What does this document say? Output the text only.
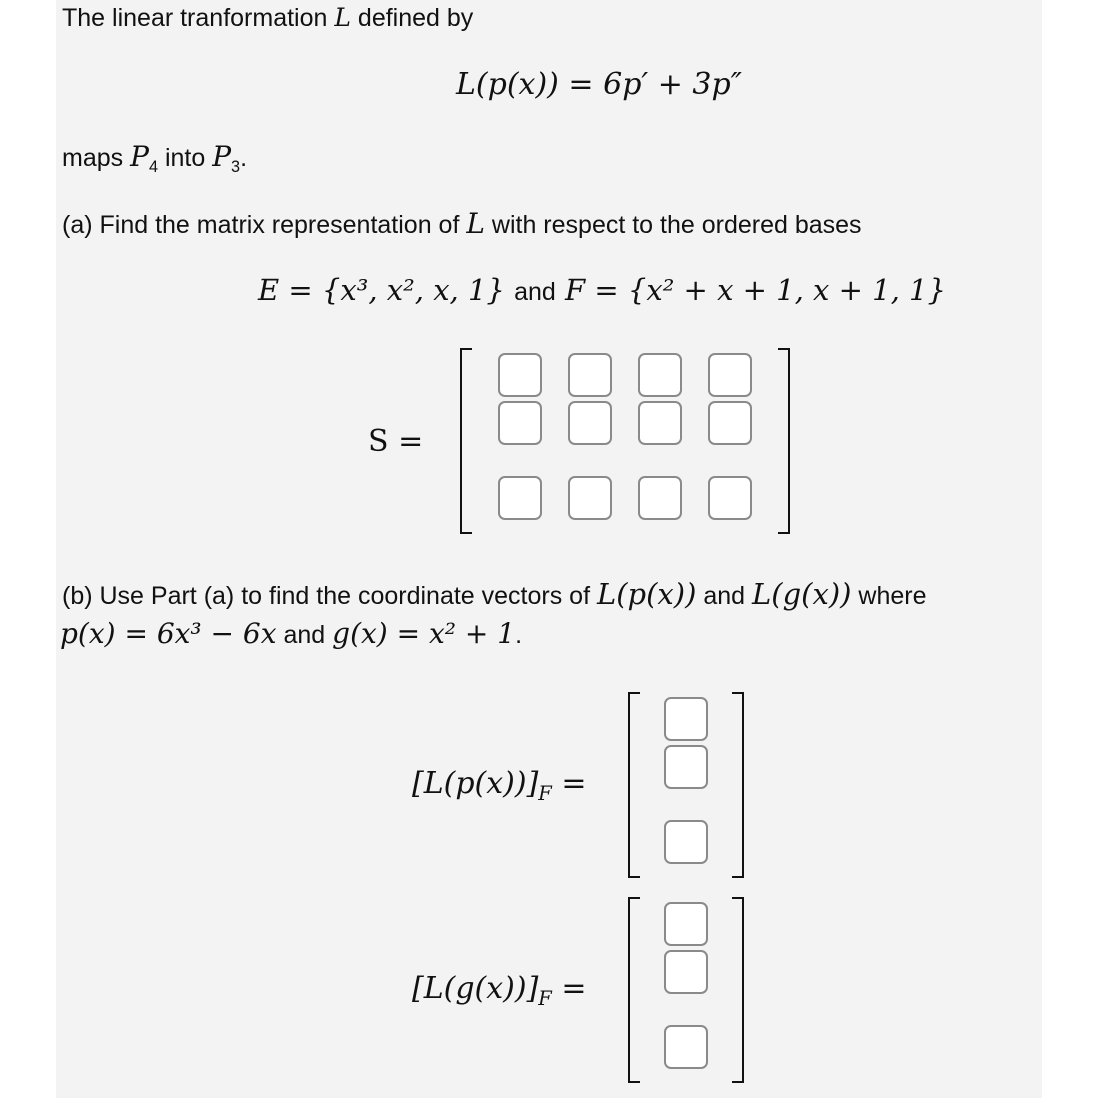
The linear tranformation L defined by
L(p(x)) = 6p′ + 3p″
maps $P_4$ into $P_3$.
(a) Find the matrix representation of L with respect to the ordered bases
E = {x³, x², x, 1} and F = {x² + x + 1, x + 1, 1}
S =
(b) Use Part (a) to find the coordinate vectors of L(p(x)) and L(g(x)) where
p(x) = 6x³ − 6x and g(x) = x² + 1.
$[L(p(x))]_F$ =
$[L(g(x))]_F$ =
